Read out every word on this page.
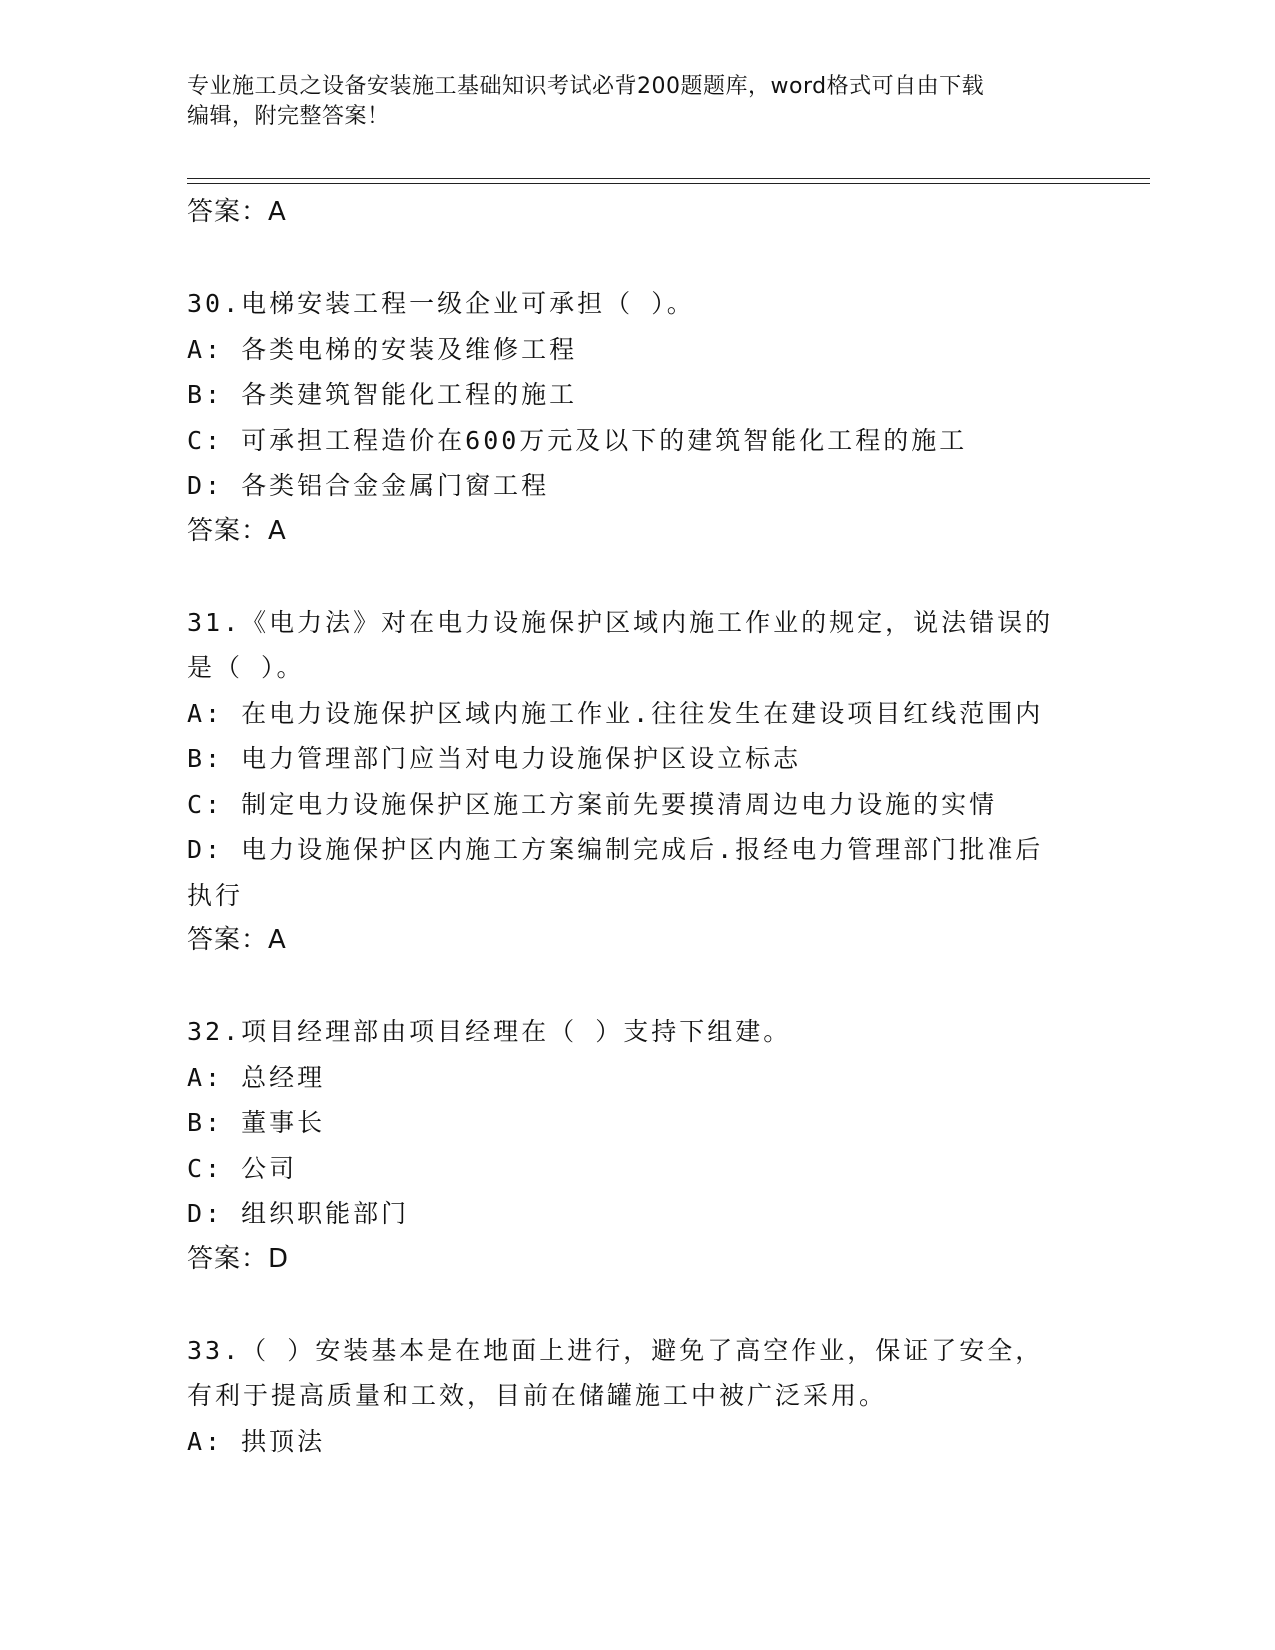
专业施工员之设备安装施工基础知识考试必背200题题库，word格式可自由下载
编辑，附完整答案！
答案：A
30.电梯安装工程一级企业可承担（ ）。
A: 各类电梯的安装及维修工程
B: 各类建筑智能化工程的施工
C: 可承担工程造价在600万元及以下的建筑智能化工程的施工
D: 各类铝合金金属门窗工程
答案：A
31.《电力法》对在电力设施保护区域内施工作业的规定，说法错误的
是（ ）。
A: 在电力设施保护区域内施工作业.往往发生在建设项目红线范围内
B: 电力管理部门应当对电力设施保护区设立标志
C: 制定电力设施保护区施工方案前先要摸清周边电力设施的实情
D: 电力设施保护区内施工方案编制完成后.报经电力管理部门批准后
执行
答案：A
32.项目经理部由项目经理在（ ）支持下组建。
A: 总经理
B: 董事长
C: 公司
D: 组织职能部门
答案：D
33.（ ）安装基本是在地面上进行，避免了高空作业，保证了安全，
有利于提高质量和工效，目前在储罐施工中被广泛采用。
A: 拱顶法
